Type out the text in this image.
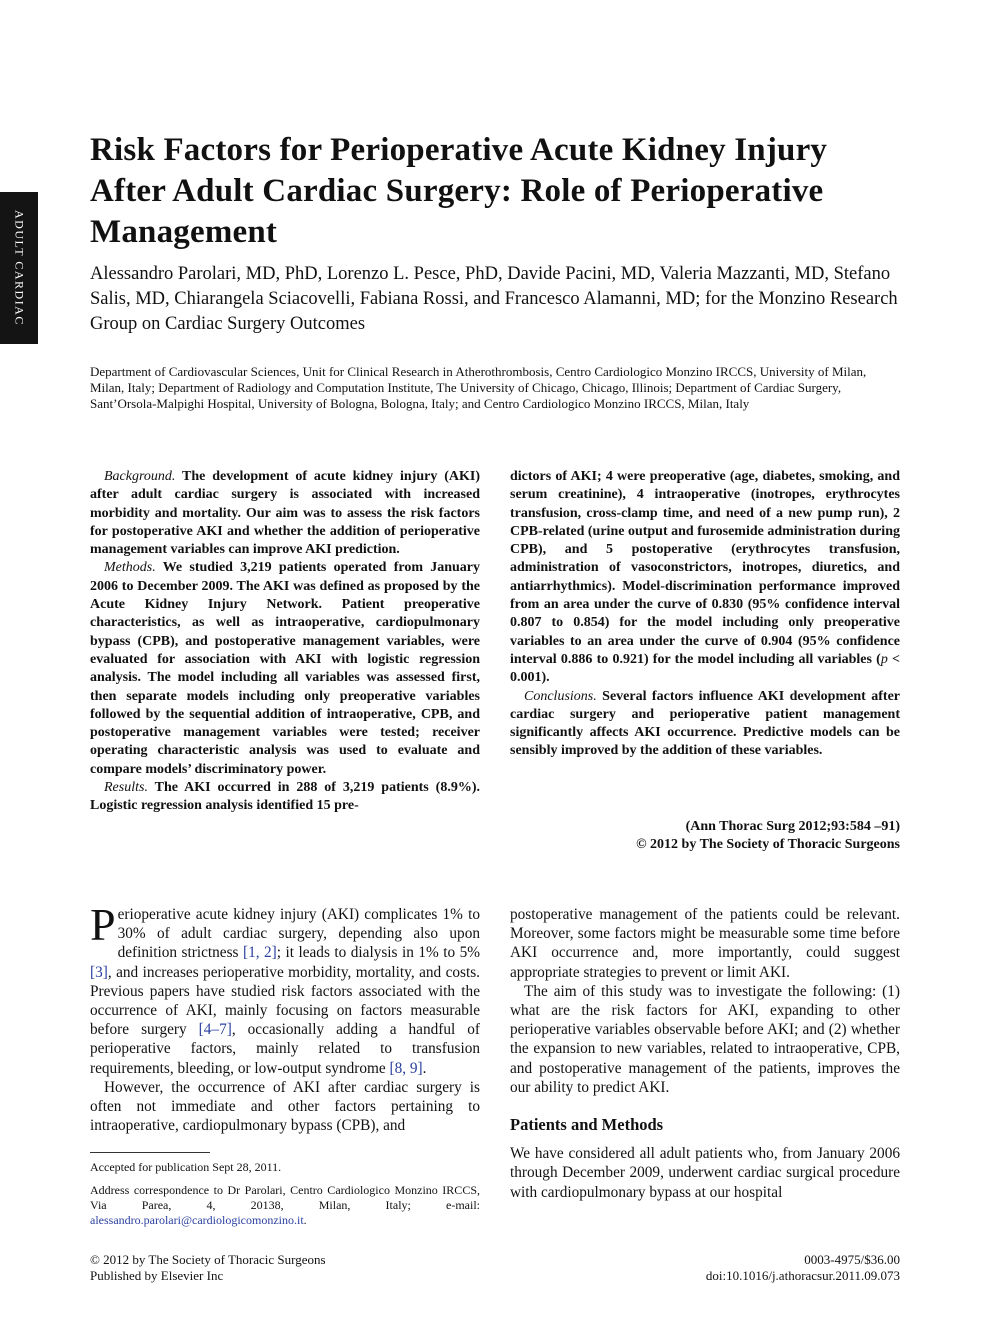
ADULT CARDIAC
Risk Factors for Perioperative Acute Kidney Injury After Adult Cardiac Surgery: Role of Perioperative Management

Alessandro Parolari, MD, PhD, Lorenzo L. Pesce, PhD, Davide Pacini, MD, Valeria Mazzanti, MD, Stefano Salis, MD, Chiarangela Sciacovelli, Fabiana Rossi, and Francesco Alamanni, MD; for the Monzino Research Group on Cardiac Surgery Outcomes

Department of Cardiovascular Sciences, Unit for Clinical Research in Atherothrombosis, Centro Cardiologico Monzino IRCCS, University of Milan, Milan, Italy; Department of Radiology and Computation Institute, The University of Chicago, Chicago, Illinois; Department of Cardiac Surgery, Sant’Orsola-Malpighi Hospital, University of Bologna, Bologna, Italy; and Centro Cardiologico Monzino IRCCS, Milan, Italy

Background. The development of acute kidney injury (AKI) after adult cardiac surgery is associated with increased morbidity and mortality. Our aim was to assess the risk factors for postoperative AKI and whether the addition of perioperative management variables can improve AKI prediction.

Methods. We studied 3,219 patients operated from January 2006 to December 2009. The AKI was defined as proposed by the Acute Kidney Injury Network. Patient preoperative characteristics, as well as intraoperative, cardiopulmonary bypass (CPB), and postoperative management variables, were evaluated for association with AKI with logistic regression analysis. The model including all variables was assessed first, then separate models including only preoperative variables followed by the sequential addition of intraoperative, CPB, and postoperative management variables were tested; receiver operating characteristic analysis was used to evaluate and compare models’ discriminatory power.

Results. The AKI occurred in 288 of 3,219 patients (8.9%). Logistic regression analysis identified 15 pre-

dictors of AKI; 4 were preoperative (age, diabetes, smoking, and serum creatinine), 4 intraoperative (inotropes, erythrocytes transfusion, cross-clamp time, and need of a new pump run), 2 CPB-related (urine output and furosemide administration during CPB), and 5 postoperative (erythrocytes transfusion, administration of vasoconstrictors, inotropes, diuretics, and antiarrhythmics). Model-discrimination performance improved from an area under the curve of 0.830 (95% confidence interval 0.807 to 0.854) for the model including only preoperative variables to an area under the curve of 0.904 (95% confidence interval 0.886 to 0.921) for the model including all variables (p < 0.001).

Conclusions. Several factors influence AKI development after cardiac surgery and perioperative patient management significantly affects AKI occurrence. Predictive models can be sensibly improved by the addition of these variables.

(Ann Thorac Surg 2012;93:584 –91)
© 2012 by The Society of Thoracic Surgeons

Perioperative acute kidney injury (AKI) complicates 1% to 30% of adult cardiac surgery, depending also upon definition strictness [1, 2]; it leads to dialysis in 1% to 5% [3], and increases perioperative morbidity, mortality, and costs. Previous papers have studied risk factors associated with the occurrence of AKI, mainly focusing on factors measurable before surgery [4–7], occasionally adding a handful of perioperative factors, mainly related to transfusion requirements, bleeding, or low-output syndrome [8, 9].

However, the occurrence of AKI after cardiac surgery is often not immediate and other factors pertaining to intraoperative, cardiopulmonary bypass (CPB), and

postoperative management of the patients could be relevant. Moreover, some factors might be measurable some time before AKI occurrence and, more importantly, could suggest appropriate strategies to prevent or limit AKI.

The aim of this study was to investigate the following: (1) what are the risk factors for AKI, expanding to other perioperative variables observable before AKI; and (2) whether the expansion to new variables, related to intraoperative, CPB, and postoperative management of the patients, improves the our ability to predict AKI.

Patients and Methods

We have considered all adult patients who, from January 2006 through December 2009, underwent cardiac surgical procedure with cardiopulmonary bypass at our hospital

Accepted for publication Sept 28, 2011.

Address correspondence to Dr Parolari, Centro Cardiologico Monzino IRCCS, Via Parea, 4, 20138, Milan, Italy; e-mail: alessandro.parolari@cardiologicomonzino.it.

© 2012 by The Society of Thoracic Surgeons
Published by Elsevier Inc
0003-4975/$36.00
doi:10.1016/j.athoracsur.2011.09.073
